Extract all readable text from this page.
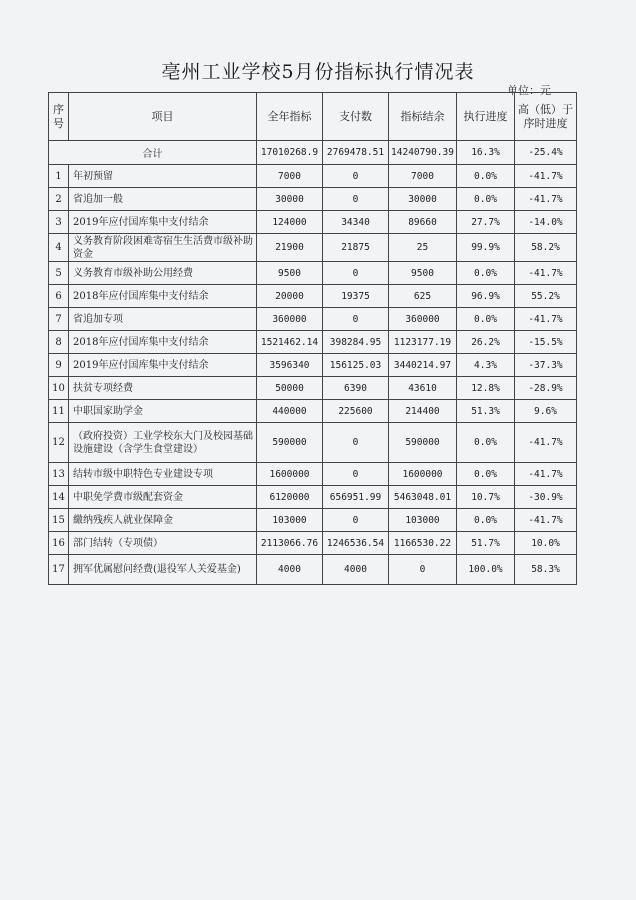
亳州工业学校5月份指标执行情况表
单位：元
序号	项目	全年指标	支付数	指标结余	执行进度	高（低）于序时进度
合计		17010268.9	2769478.51	14240790.39	16.3%	-25.4%
1	年初预留	7000	0	7000	0.0%	-41.7%
2	省追加一般	30000	0	30000	0.0%	-41.7%
3	2019年应付国库集中支付结余	124000	34340	89660	27.7%	-14.0%
4	义务教育阶段困难寄宿生生活费市级补助资金	21900	21875	25	99.9%	58.2%
5	义务教育市级补助公用经费	9500	0	9500	0.0%	-41.7%
6	2018年应付国库集中支付结余	20000	19375	625	96.9%	55.2%
7	省追加专项	360000	0	360000	0.0%	-41.7%
8	2018年应付国库集中支付结余	1521462.14	398284.95	1123177.19	26.2%	-15.5%
9	2019年应付国库集中支付结余	3596340	156125.03	3440214.97	4.3%	-37.3%
10	扶贫专项经费	50000	6390	43610	12.8%	-28.9%
11	中职国家助学金	440000	225600	214400	51.3%	9.6%
12	（政府投资）工业学校东大门及校园基础设施建设（含学生食堂建设）	590000	0	590000	0.0%	-41.7%
13	结转市级中职特色专业建设专项	1600000	0	1600000	0.0%	-41.7%
14	中职免学费市级配套资金	6120000	656951.99	5463048.01	10.7%	-30.9%
15	繳纳残疾人就业保障金	103000	0	103000	0.0%	-41.7%
16	部门结转（专项债）	2113066.76	1246536.54	1166530.22	51.7%	10.0%
17	拥军优属慰问经费(退役军人关爱基金)	4000	4000	0	100.0%	58.3%
